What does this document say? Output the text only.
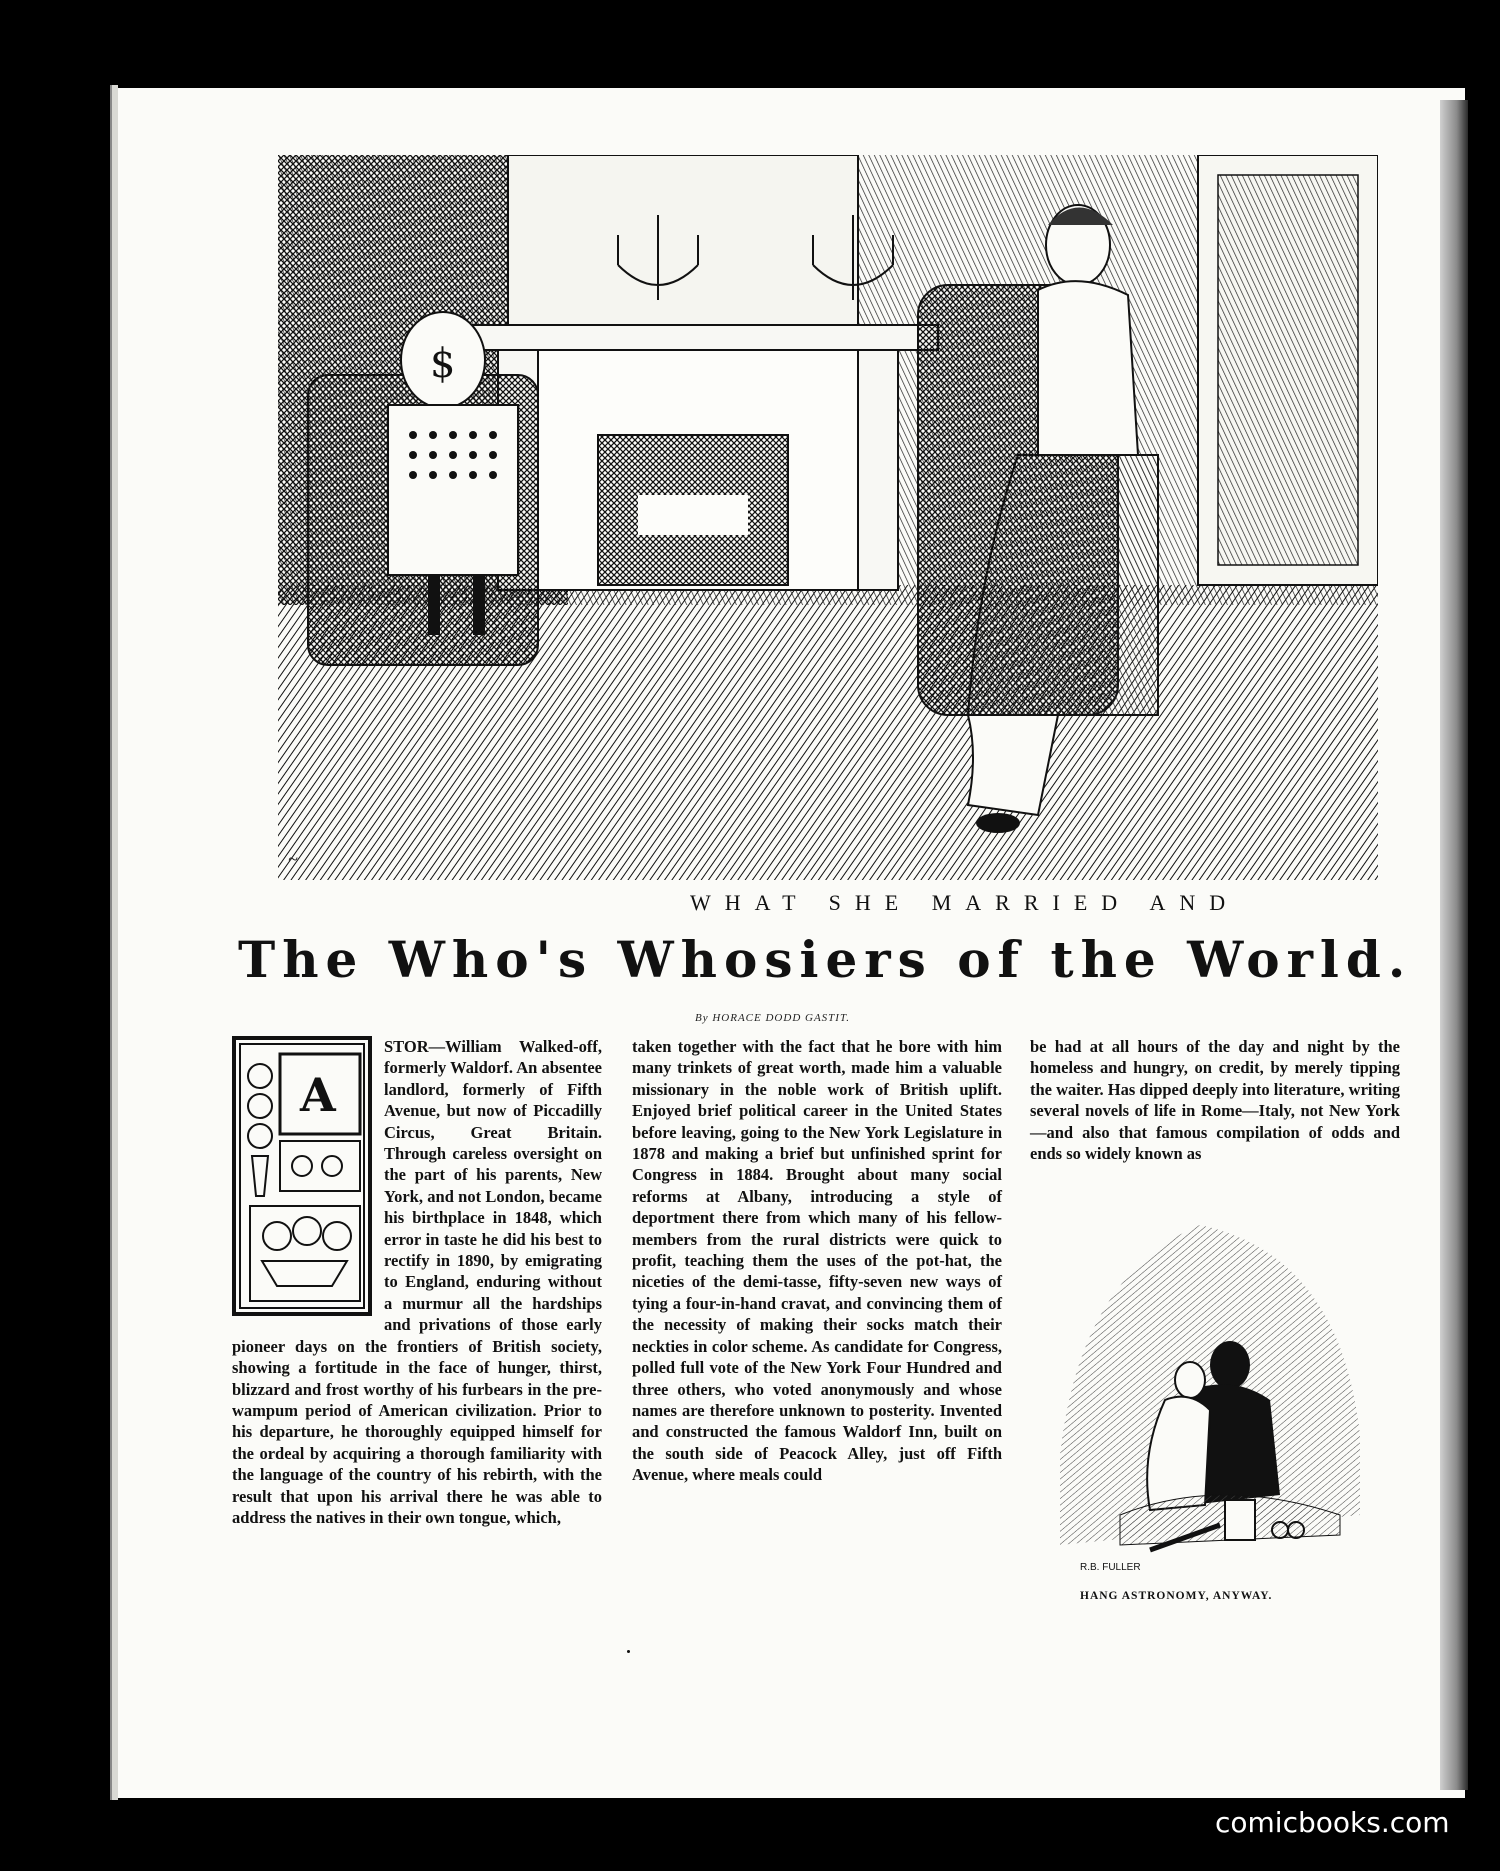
$
~
WHAT SHE MARRIED AND
The Who's Whosiers of the World.
By HORACE DODD GASTIT.
A
STOR—William Walked-off, formerly Waldorf. An absentee landlord, formerly of Fifth Avenue, but now of Piccadilly Circus, Great Britain. Through careless oversight on the part of his parents, New York, and not London, became his birthplace in 1848, which error in taste he did his best to rectify in 1890, by emigrating to England, enduring without a murmur all the hardships and privations of those early pioneer days on the frontiers of British society, showing a fortitude in the face of hunger, thirst, blizzard and frost worthy of his furbears in the pre-wampum period of American civilization. Prior to his departure, he thoroughly equipped himself for the ordeal by acquiring a thorough familiarity with the language of the country of his rebirth, with the result that upon his arrival there he was able to address the natives in their own tongue, which,
taken together with the fact that he bore with him many trinkets of great worth, made him a valuable missionary in the noble work of British uplift. Enjoyed brief political career in the United States before leaving, going to the New York Legislature in 1878 and making a brief but unfinished sprint for Congress in 1884. Brought about many social reforms at Albany, introducing a style of deportment there from which many of his fellow-members from the rural districts were quick to profit, teaching them the uses of the pot-hat, the niceties of the demi-tasse, fifty-seven new ways of tying a four-in-hand cravat, and convincing them of the necessity of making their socks match their neckties in color scheme. As candidate for Congress, polled full vote of the New York Four Hundred and three others, who voted anonymously and whose names are therefore unknown to posterity. Invented and constructed the famous Waldorf Inn, built on the south side of Peacock Alley, just off Fifth Avenue, where meals could
be had at all hours of the day and night by the homeless and hungry, on credit, by merely tipping the waiter. Has dipped deeply into literature, writing several novels of life in Rome—Italy, not New York—and also that famous compilation of odds and ends so widely known as
R.B. FULLER
HANG ASTRONOMY, ANYWAY.
comicbooks.com
